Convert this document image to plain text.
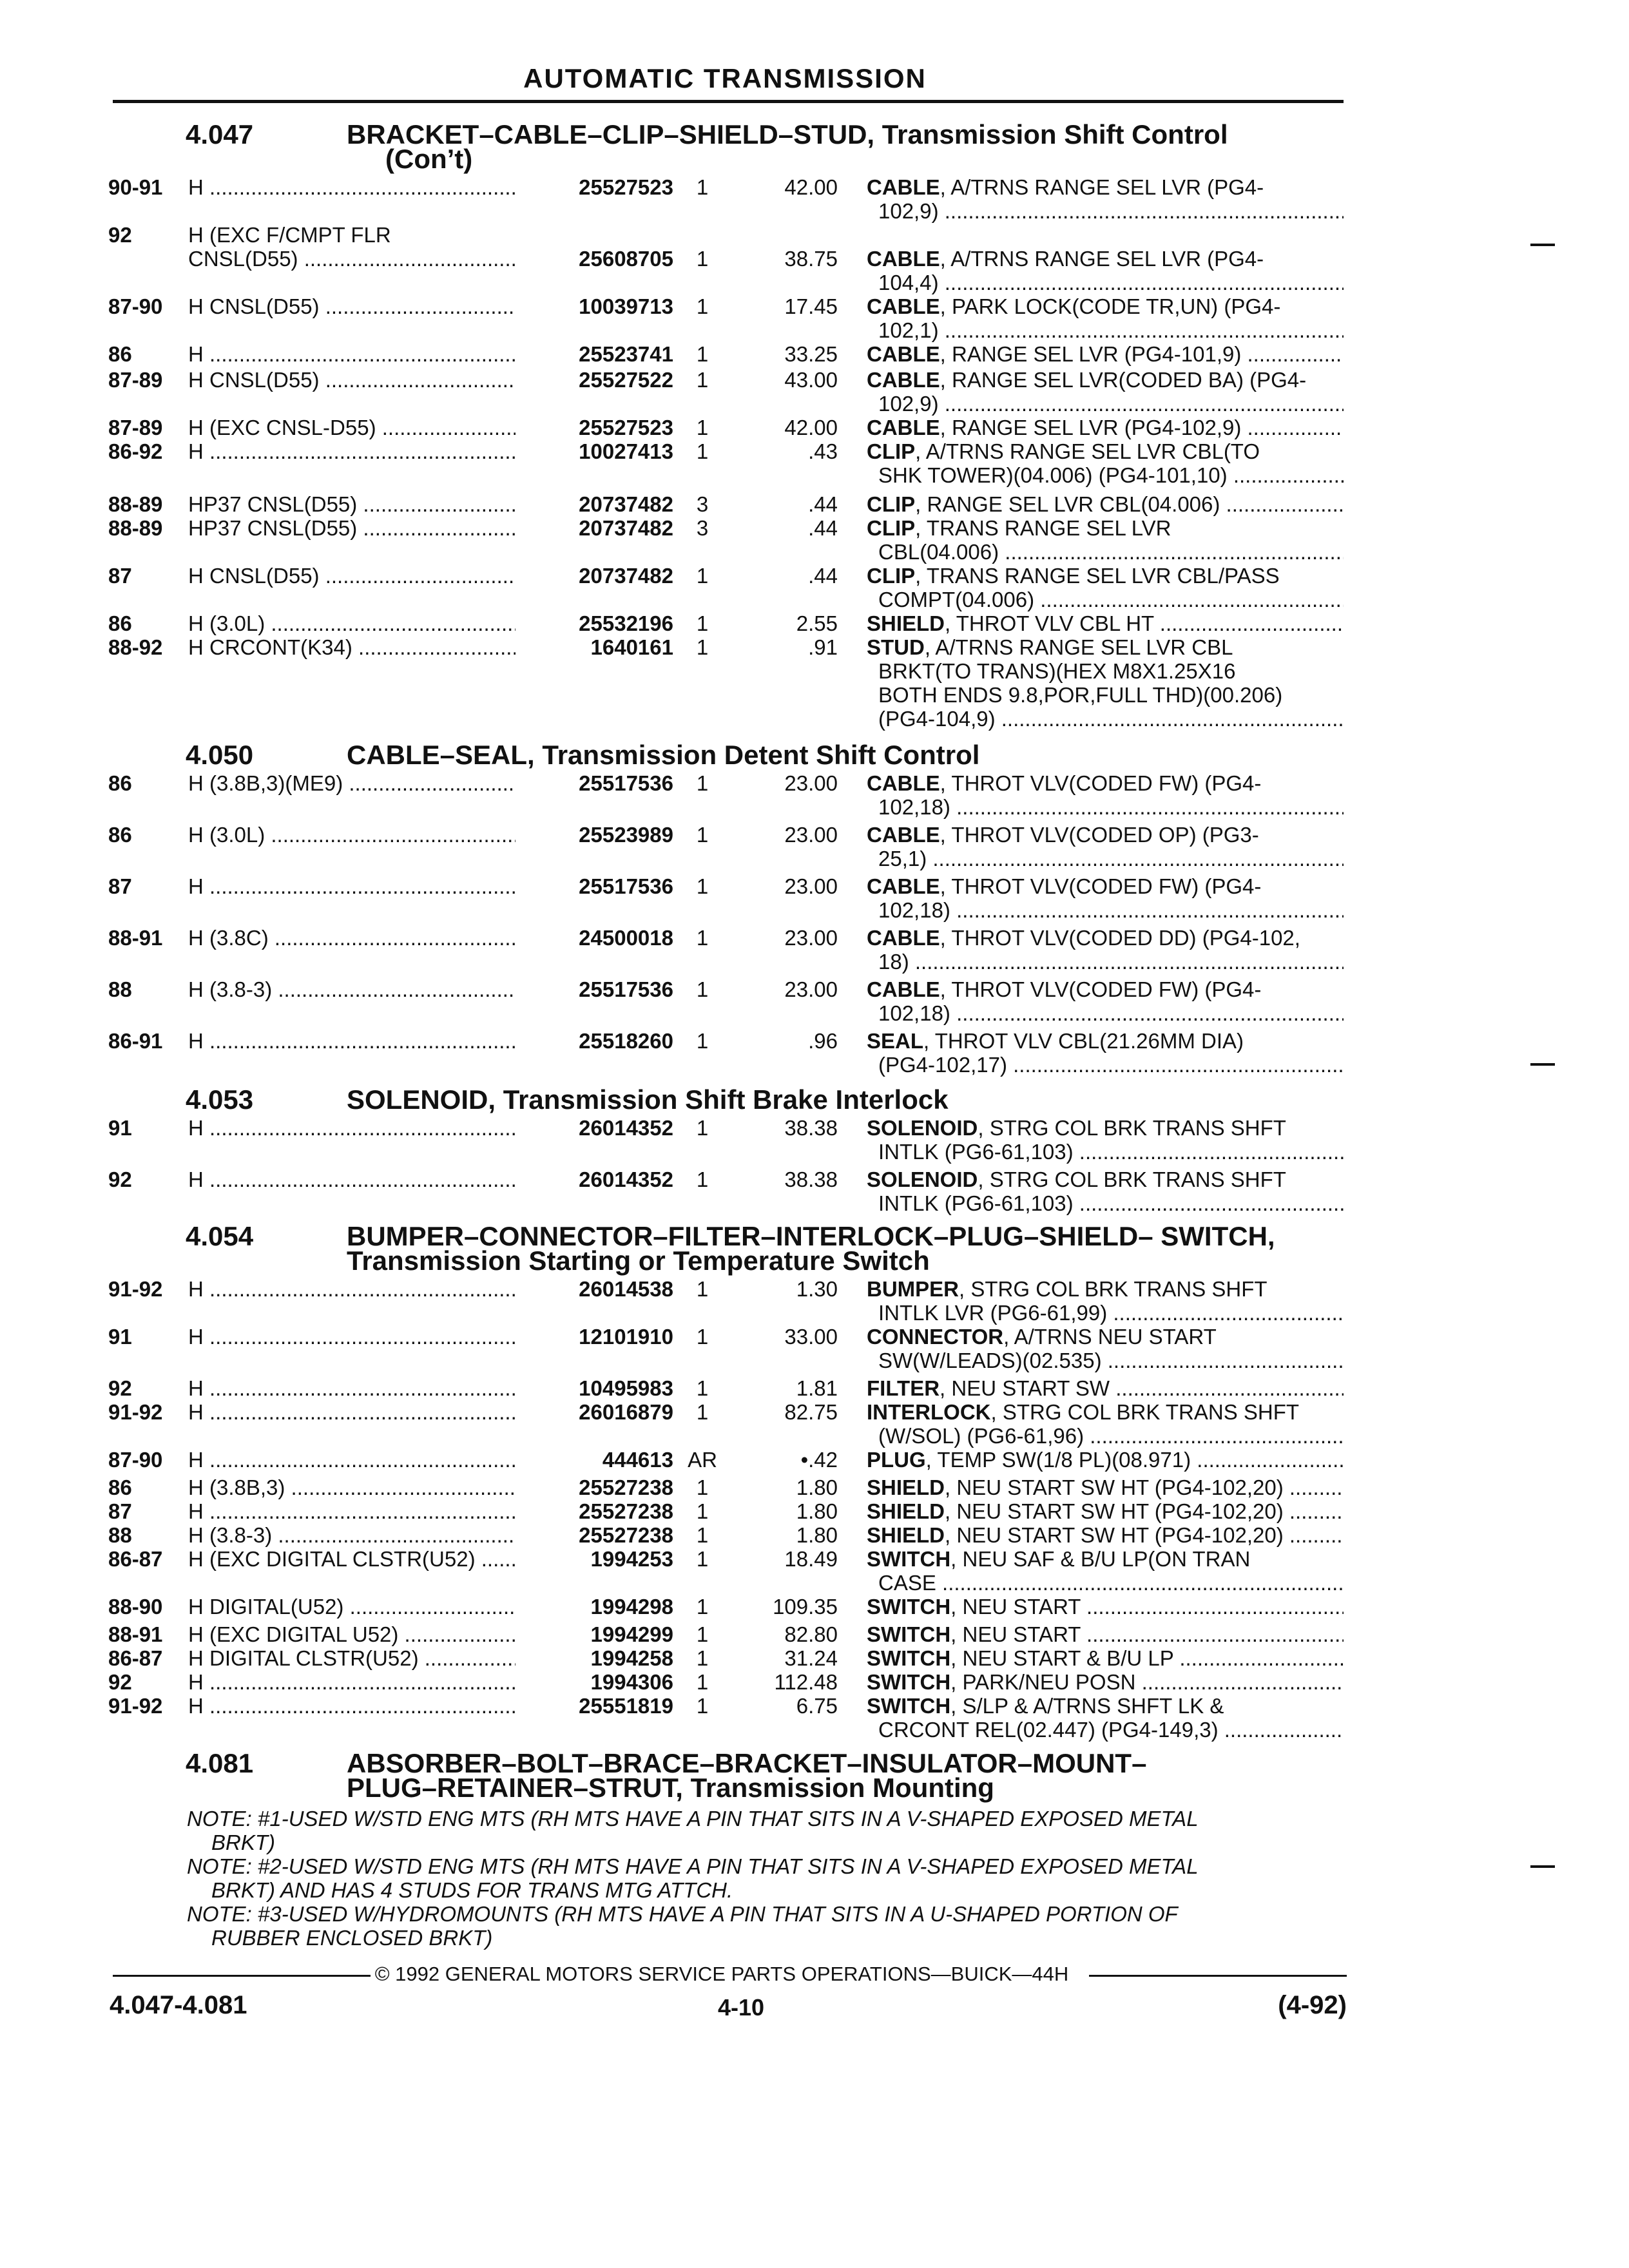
AUTOMATIC TRANSMISSION
4.047	BRACKET–CABLE–CLIP–SHIELD–STUD, Transmission Shift Control
(Con’t)
90-91	H .....	25527523	1	42.00 CABLE, A/TRNS RANGE SEL LVR (PG4-
102,9) .....
92	H (EXC F/CMPT FLR
CNSL(D55) .....	25608705	1	38.75 CABLE, A/TRNS RANGE SEL LVR (PG4-
104,4) .....
87-90	H CNSL(D55) .....	10039713	1	17.45 CABLE, PARK LOCK(CODE TR,UN) (PG4-
102,1) .....
86	H .....	25523741	1	33.25 CABLE, RANGE SEL LVR (PG4-101,9) .....
87-89	H CNSL(D55) .....	25527522	1	43.00 CABLE, RANGE SEL LVR(CODED BA) (PG4-
102,9) .....
87-89	H (EXC CNSL-D55) .....	25527523	1	42.00 CABLE, RANGE SEL LVR (PG4-102,9) .....
86-92	H .....	10027413	1	.43 CLIP, A/TRNS RANGE SEL LVR CBL(TO
SHK TOWER)(04.006) (PG4-101,10) .....
88-89	HP37 CNSL(D55) .....	20737482	3	.44 CLIP, RANGE SEL LVR CBL(04.006) .....
88-89	HP37 CNSL(D55) .....	20737482	3	.44 CLIP, TRANS RANGE SEL LVR
CBL(04.006) .....
87	H CNSL(D55) .....	20737482	1	.44 CLIP, TRANS RANGE SEL LVR CBL/PASS
COMPT(04.006) .....
86	H (3.0L) .....	25532196	1	2.55 SHIELD, THROT VLV CBL HT .....
88-92	H CRCONT(K34) .....	1640161	1	.91 STUD, A/TRNS RANGE SEL LVR CBL
BRKT(TO TRANS)(HEX M8X1.25X16
BOTH ENDS 9.8,POR,FULL THD)(00.206)
(PG4-104,9) .....
4.050	CABLE–SEAL, Transmission Detent Shift Control
86	H (3.8B,3)(ME9) .....	25517536	1	23.00 CABLE, THROT VLV(CODED FW) (PG4-
102,18) .....
86	H (3.0L) .....	25523989	1	23.00 CABLE, THROT VLV(CODED OP) (PG3-
25,1) .....
87	H .....	25517536	1	23.00 CABLE, THROT VLV(CODED FW) (PG4-
102,18) .....
88-91	H (3.8C) .....	24500018	1	23.00 CABLE, THROT VLV(CODED DD) (PG4-102,
18) .....
88	H (3.8-3) .....	25517536	1	23.00 CABLE, THROT VLV(CODED FW) (PG4-
102,18) .....
86-91	H .....	25518260	1	.96 SEAL, THROT VLV CBL(21.26MM DIA)
(PG4-102,17) .....
4.053	SOLENOID, Transmission Shift Brake Interlock
91	H .....	26014352	1	38.38 SOLENOID, STRG COL BRK TRANS SHFT
INTLK (PG6-61,103) .....
92	H .....	26014352	1	38.38 SOLENOID, STRG COL BRK TRANS SHFT
INTLK (PG6-61,103) .....
4.054	BUMPER–CONNECTOR–FILTER–INTERLOCK–PLUG–SHIELD– SWITCH,
Transmission Starting or Temperature Switch
91-92	H .....	26014538	1	1.30 BUMPER, STRG COL BRK TRANS SHFT
INTLK LVR (PG6-61,99) .....
91	H .....	12101910	1	33.00 CONNECTOR, A/TRNS NEU START
SW(W/LEADS)(02.535) .....
92	H .....	10495983	1	1.81 FILTER, NEU START SW .....
91-92	H .....	26016879	1	82.75 INTERLOCK, STRG COL BRK TRANS SHFT
(W/SOL) (PG6-61,96) .....
87-90	H .....	444613 AR	•.42 PLUG, TEMP SW(1/8 PL)(08.971) .....
86	H (3.8B,3) .....	25527238	1	1.80 SHIELD, NEU START SW HT (PG4-102,20) .....
87	H .....	25527238	1	1.80 SHIELD, NEU START SW HT (PG4-102,20) .....
88	H (3.8-3) .....	25527238	1	1.80 SHIELD, NEU START SW HT (PG4-102,20) .....
86-87	H (EXC DIGITAL CLSTR(U52) .....	1994253	1	18.49 SWITCH, NEU SAF & B/U LP(ON TRAN
CASE .....
88-90	H DIGITAL(U52) .....	1994298	1	109.35 SWITCH, NEU START .....
88-91	H (EXC DIGITAL U52) .....	1994299	1	82.80 SWITCH, NEU START .....
86-87	H DIGITAL CLSTR(U52) .....	1994258	1	31.24 SWITCH, NEU START & B/U LP .....
92	H .....	1994306	1	112.48 SWITCH, PARK/NEU POSN .....
91-92	H .....	25551819	1	6.75 SWITCH, S/LP & A/TRNS SHFT LK &
CRCONT REL(02.447) (PG4-149,3) .....
4.081	ABSORBER–BOLT–BRACE–BRACKET–INSULATOR–MOUNT–
PLUG–RETAINER–STRUT, Transmission Mounting
NOTE: #1-USED W/STD ENG MTS (RH MTS HAVE A PIN THAT SITS IN A V-SHAPED EXPOSED METAL
BRKT)
NOTE: #2-USED W/STD ENG MTS (RH MTS HAVE A PIN THAT SITS IN A V-SHAPED EXPOSED METAL
BRKT) AND HAS 4 STUDS FOR TRANS MTG ATTCH.
NOTE: #3-USED W/HYDROMOUNTS (RH MTS HAVE A PIN THAT SITS IN A U-SHAPED PORTION OF
RUBBER ENCLOSED BRKT)
© 1992 GENERAL MOTORS SERVICE PARTS OPERATIONS—BUICK—44H
4.047-4.081	4-10	(4-92)
